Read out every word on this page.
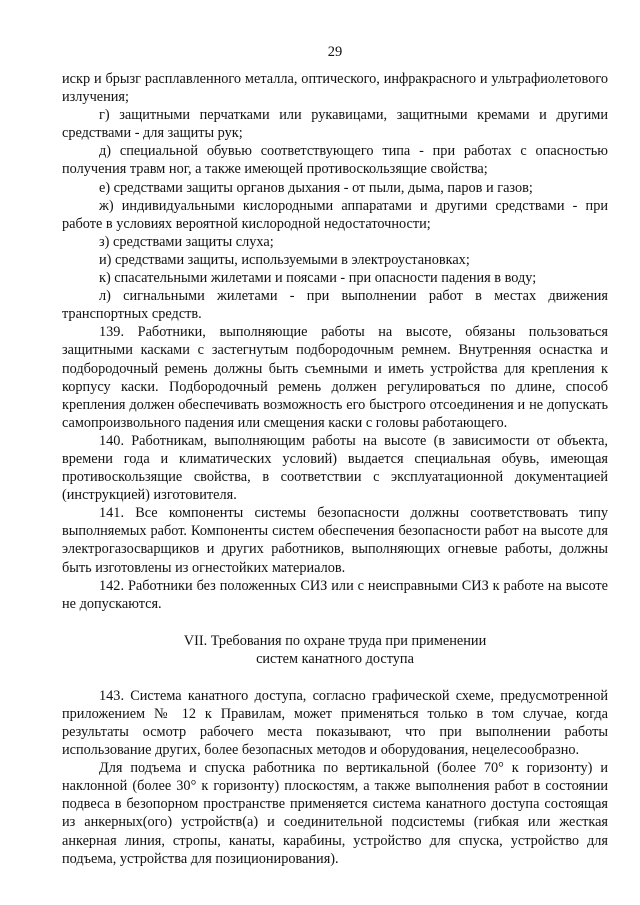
29

искр и брызг расплавленного металла, оптического, инфракрасного и ультрафиолетового излучения;

г) защитными перчатками или рукавицами, защитными кремами и другими средствами - для защиты рук;

д) специальной обувью соответствующего типа - при работах с опасностью получения травм ног, а также имеющей противоскользящие свойства;

е) средствами защиты органов дыхания - от пыли, дыма, паров и газов;

ж) индивидуальными кислородными аппаратами и другими средствами - при работе в условиях вероятной кислородной недостаточности;

з) средствами защиты слуха;

и) средствами защиты, используемыми в электроустановках;

к) спасательными жилетами и поясами - при опасности падения в воду;

л) сигнальными жилетами - при выполнении работ в местах движения транспортных средств.

139. Работники, выполняющие работы на высоте, обязаны пользоваться защитными касками с застегнутым подбородочным ремнем. Внутренняя оснастка и подбородочный ремень должны быть съемными и иметь устройства для крепления к корпусу каски. Подбородочный ремень должен регулироваться по длине, способ крепления должен обеспечивать возможность его быстрого отсоединения и не допускать самопроизвольного падения или смещения каски с головы работающего.

140. Работникам, выполняющим работы на высоте (в зависимости от объекта, времени года и климатических условий) выдается специальная обувь, имеющая противоскользящие свойства, в соответствии с эксплуатационной документацией (инструкцией) изготовителя.

141. Все компоненты системы безопасности должны соответствовать типу выполняемых работ. Компоненты систем обеспечения безопасности работ на высоте для электрогазосварщиков и других работников, выполняющих огневые работы, должны быть изготовлены из огнестойких материалов.

142. Работники без положенных СИЗ или с неисправными СИЗ к работе на высоте не допускаются.

VII. Требования по охране труда при применении
систем канатного доступа

143. Система канатного доступа, согласно графической схеме, предусмотренной приложением № 12 к Правилам, может применяться только в том случае, когда результаты осмотр рабочего места показывают, что при выполнении работы использование других, более безопасных методов и оборудования, нецелесообразно.

Для подъема и спуска работника по вертикальной (более 70° к горизонту) и наклонной (более 30° к горизонту) плоскостям, а также выполнения работ в состоянии подвеса в безопорном пространстве применяется система канатного доступа состоящая из анкерных(ого) устройств(а) и соединительной подсистемы (гибкая или жесткая анкерная линия, стропы, канаты, карабины, устройство для спуска, устройство для подъема, устройства для позиционирования).
